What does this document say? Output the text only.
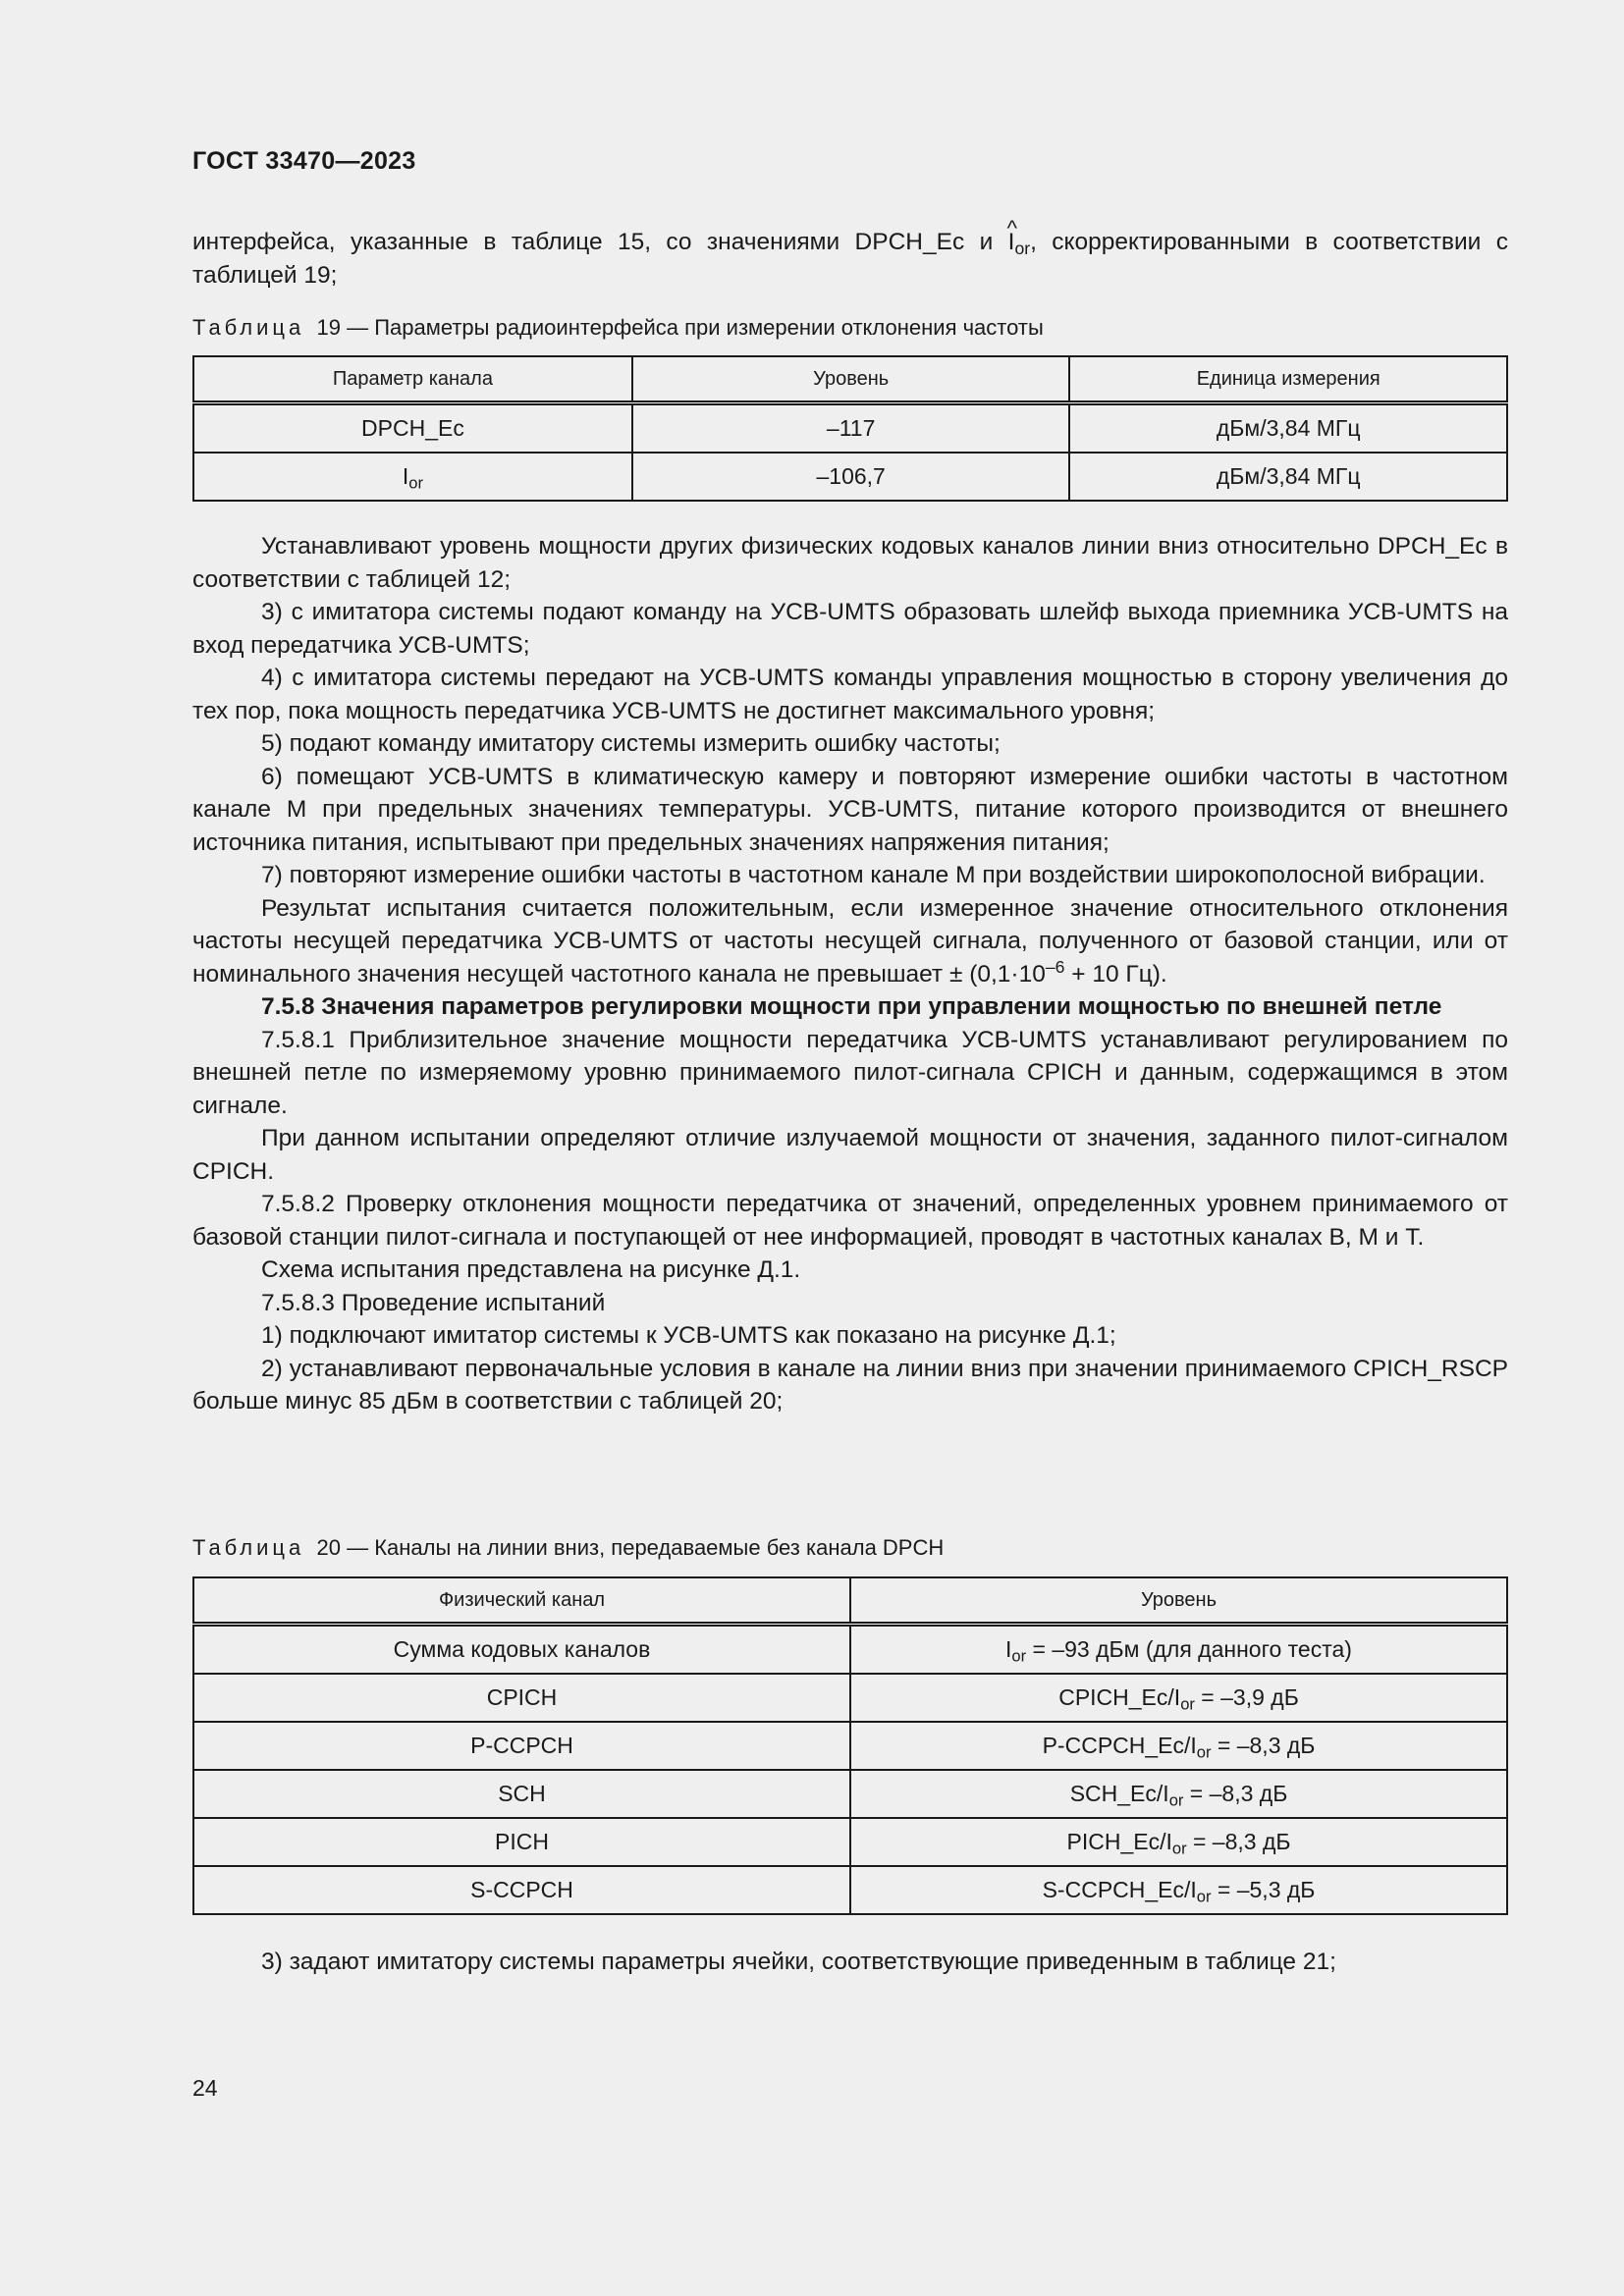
ГОСТ 33470—2023
интерфейса, указанные в таблице 15, со значениями DPCH_Ec и ^ $I_{or}$, скорректированными в соответствии с таблицей 19;
Таблица 19 — Параметры радиоинтерфейса при измерении отклонения частоты
Параметр канала	Уровень	Единица измерения
DPCH_Ec	–117	дБм/3,84 МГц
$I_{or}$	–106,7	дБм/3,84 МГц

Устанавливают уровень мощности других физических кодовых каналов линии вниз относительно DPCH_Ec в соответствии с таблицей 12;

3) с имитатора системы подают команду на УСВ-UMTS образовать шлейф выхода приемника УСВ-UMTS на вход передатчика УСВ-UMTS;

4) с имитатора системы передают на УСВ-UMTS команды управления мощностью в сторону увеличения до тех пор, пока мощность передатчика УСВ-UMTS не достигнет максимального уровня;

5) подают команду имитатору системы измерить ошибку частоты;

6) помещают УСВ-UMTS в климатическую камеру и повторяют измерение ошибки частоты в частотном канале М при предельных значениях температуры. УСВ-UMTS, питание которого производится от внешнего источника питания, испытывают при предельных значениях напряжения питания;

7) повторяют измерение ошибки частоты в частотном канале М при воздействии широкополосной вибрации.

Результат испытания считается положительным, если измеренное значение относительного отклонения частоты несущей передатчика УСВ-UMTS от частоты несущей сигнала, полученного от базовой станции, или от номинального значения несущей частотного канала не превышает ± ($0,1\cdot 10^{-6} + 10$ Гц).

7.5.8 Значения параметров регулировки мощности при управлении мощностью по внешней петле

7.5.8.1 Приблизительное значение мощности передатчика УСВ-UMTS устанавливают регулированием по внешней петле по измеряемому уровню принимаемого пилот-сигнала CPICH и данным, содержащимся в этом сигнале.

При данном испытании определяют отличие излучаемой мощности от значения, заданного пилот-сигналом CPICH.

7.5.8.2 Проверку отклонения мощности передатчика от значений, определенных уровнем принимаемого от базовой станции пилот-сигнала и поступающей от нее информацией, проводят в частотных каналах B, M и T.

Схема испытания представлена на рисунке Д.1.

7.5.8.3 Проведение испытаний

1) подключают имитатор системы к УСВ-UMTS как показано на рисунке Д.1;

2) устанавливают первоначальные условия в канале на линии вниз при значении принимаемого CPICH_RSCP больше минус 85 дБм в соответствии с таблицей 20;

Таблица 20 — Каналы на линии вниз, передаваемые без канала DPCH
Физический канал	Уровень
Сумма кодовых каналов	$I_{or} = -93$ дБм (для данного теста)
CPICH	$CPICH\_Ec/I_{or} = -3,9$ дБ
P-CCPCH	$P-CCPCH\_Ec/I_{or} = -8,3$ дБ
SCH	$SCH\_Ec/I_{or} = -8,3$ дБ
PICH	$PICH\_Ec/I_{or} = -8,3$ дБ
S-CCPCH	$S-CCPCH\_Ec/I_{or} = -5,3$ дБ

3) задают имитатору системы параметры ячейки, соответствующие приведенным в таблице 21;

24
